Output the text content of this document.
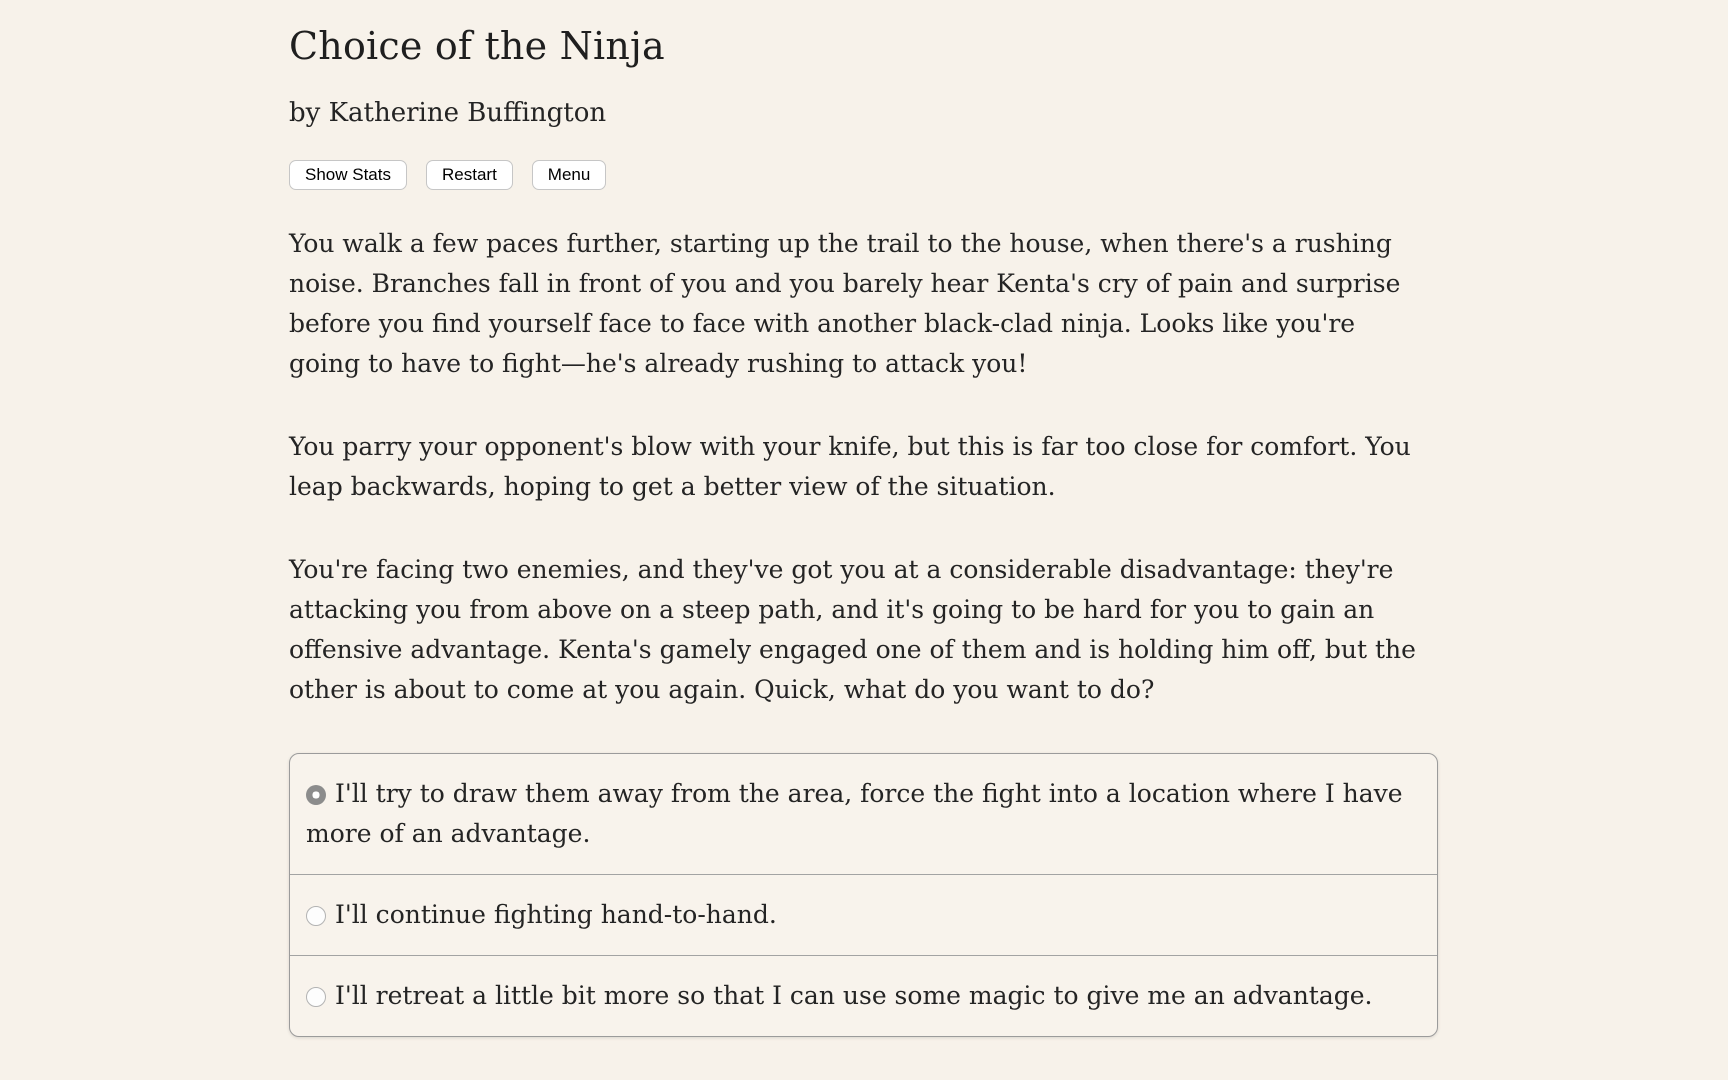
Choice of the Ninja
by Katherine Buffington
Show Stats	Restart	Menu

You walk a few paces further, starting up the trail to the house, when there's a rushing noise. Branches fall in front of you and you barely hear Kenta's cry of pain and surprise before you find yourself face to face with another black-clad ninja. Looks like you're going to have to fight—he's already rushing to attack you!

You parry your opponent's blow with your knife, but this is far too close for comfort. You leap backwards, hoping to get a better view of the situation.

You're facing two enemies, and they've got you at a considerable disadvantage: they're attacking you from above on a steep path, and it's going to be hard for you to gain an offensive advantage. Kenta's gamely engaged one of them and is holding him off, but the other is about to come at you again. Quick, what do you want to do?

I'll try to draw them away from the area, force the fight into a location where I have more of an advantage.
I'll continue fighting hand-to-hand.
I'll retreat a little bit more so that I can use some magic to give me an advantage.
